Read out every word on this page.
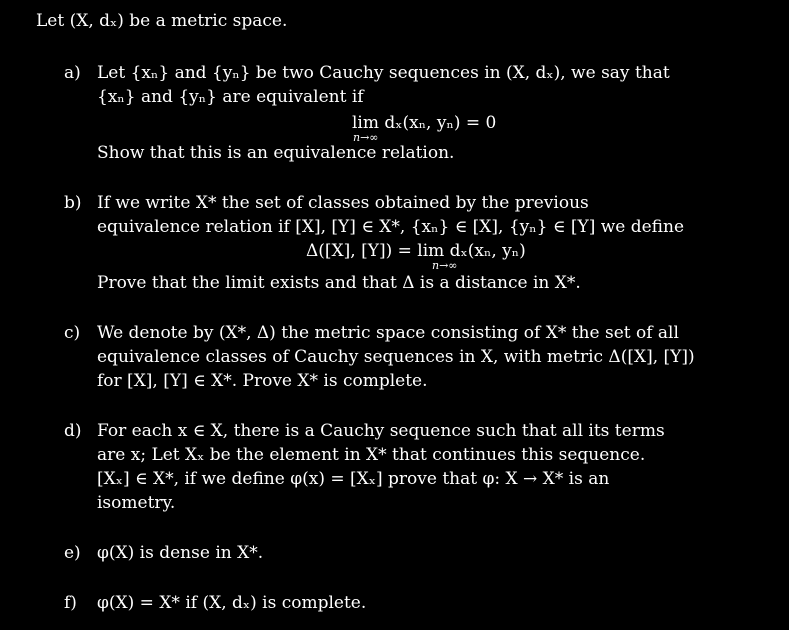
Let (X, dₓ) be a metric space.
a) Let {xₙ} and {yₙ} be two Cauchy sequences in (X, dₓ), we say that
{xₙ} and {yₙ} are equivalent if
lim dₓ(xₙ, yₙ) = 0
n→∞
Show that this is an equivalence relation.
b) If we write X* the set of classes obtained by the previous
equivalence relation if [X], [Y] ∈ X*, {xₙ} ∈ [X], {yₙ} ∈ [Y] we define
Δ([X], [Y]) = lim dₓ(xₙ, yₙ)
n→∞
Prove that the limit exists and that Δ is a distance in X*.
c) We denote by (X*, Δ) the metric space consisting of X* the set of all
equivalence classes of Cauchy sequences in X, with metric Δ([X], [Y])
for [X], [Y] ∈ X*. Prove X* is complete.
d) For each x ∈ X, there is a Cauchy sequence such that all its terms
are x; Let Xₓ be the element in X* that continues this sequence.
[Xₓ] ∈ X*, if we define φ(x) = [Xₓ] prove that φ: X → X* is an
isometry.
e) φ(X) is dense in X*.
f) φ(X) = X* if (X, dₓ) is complete.
